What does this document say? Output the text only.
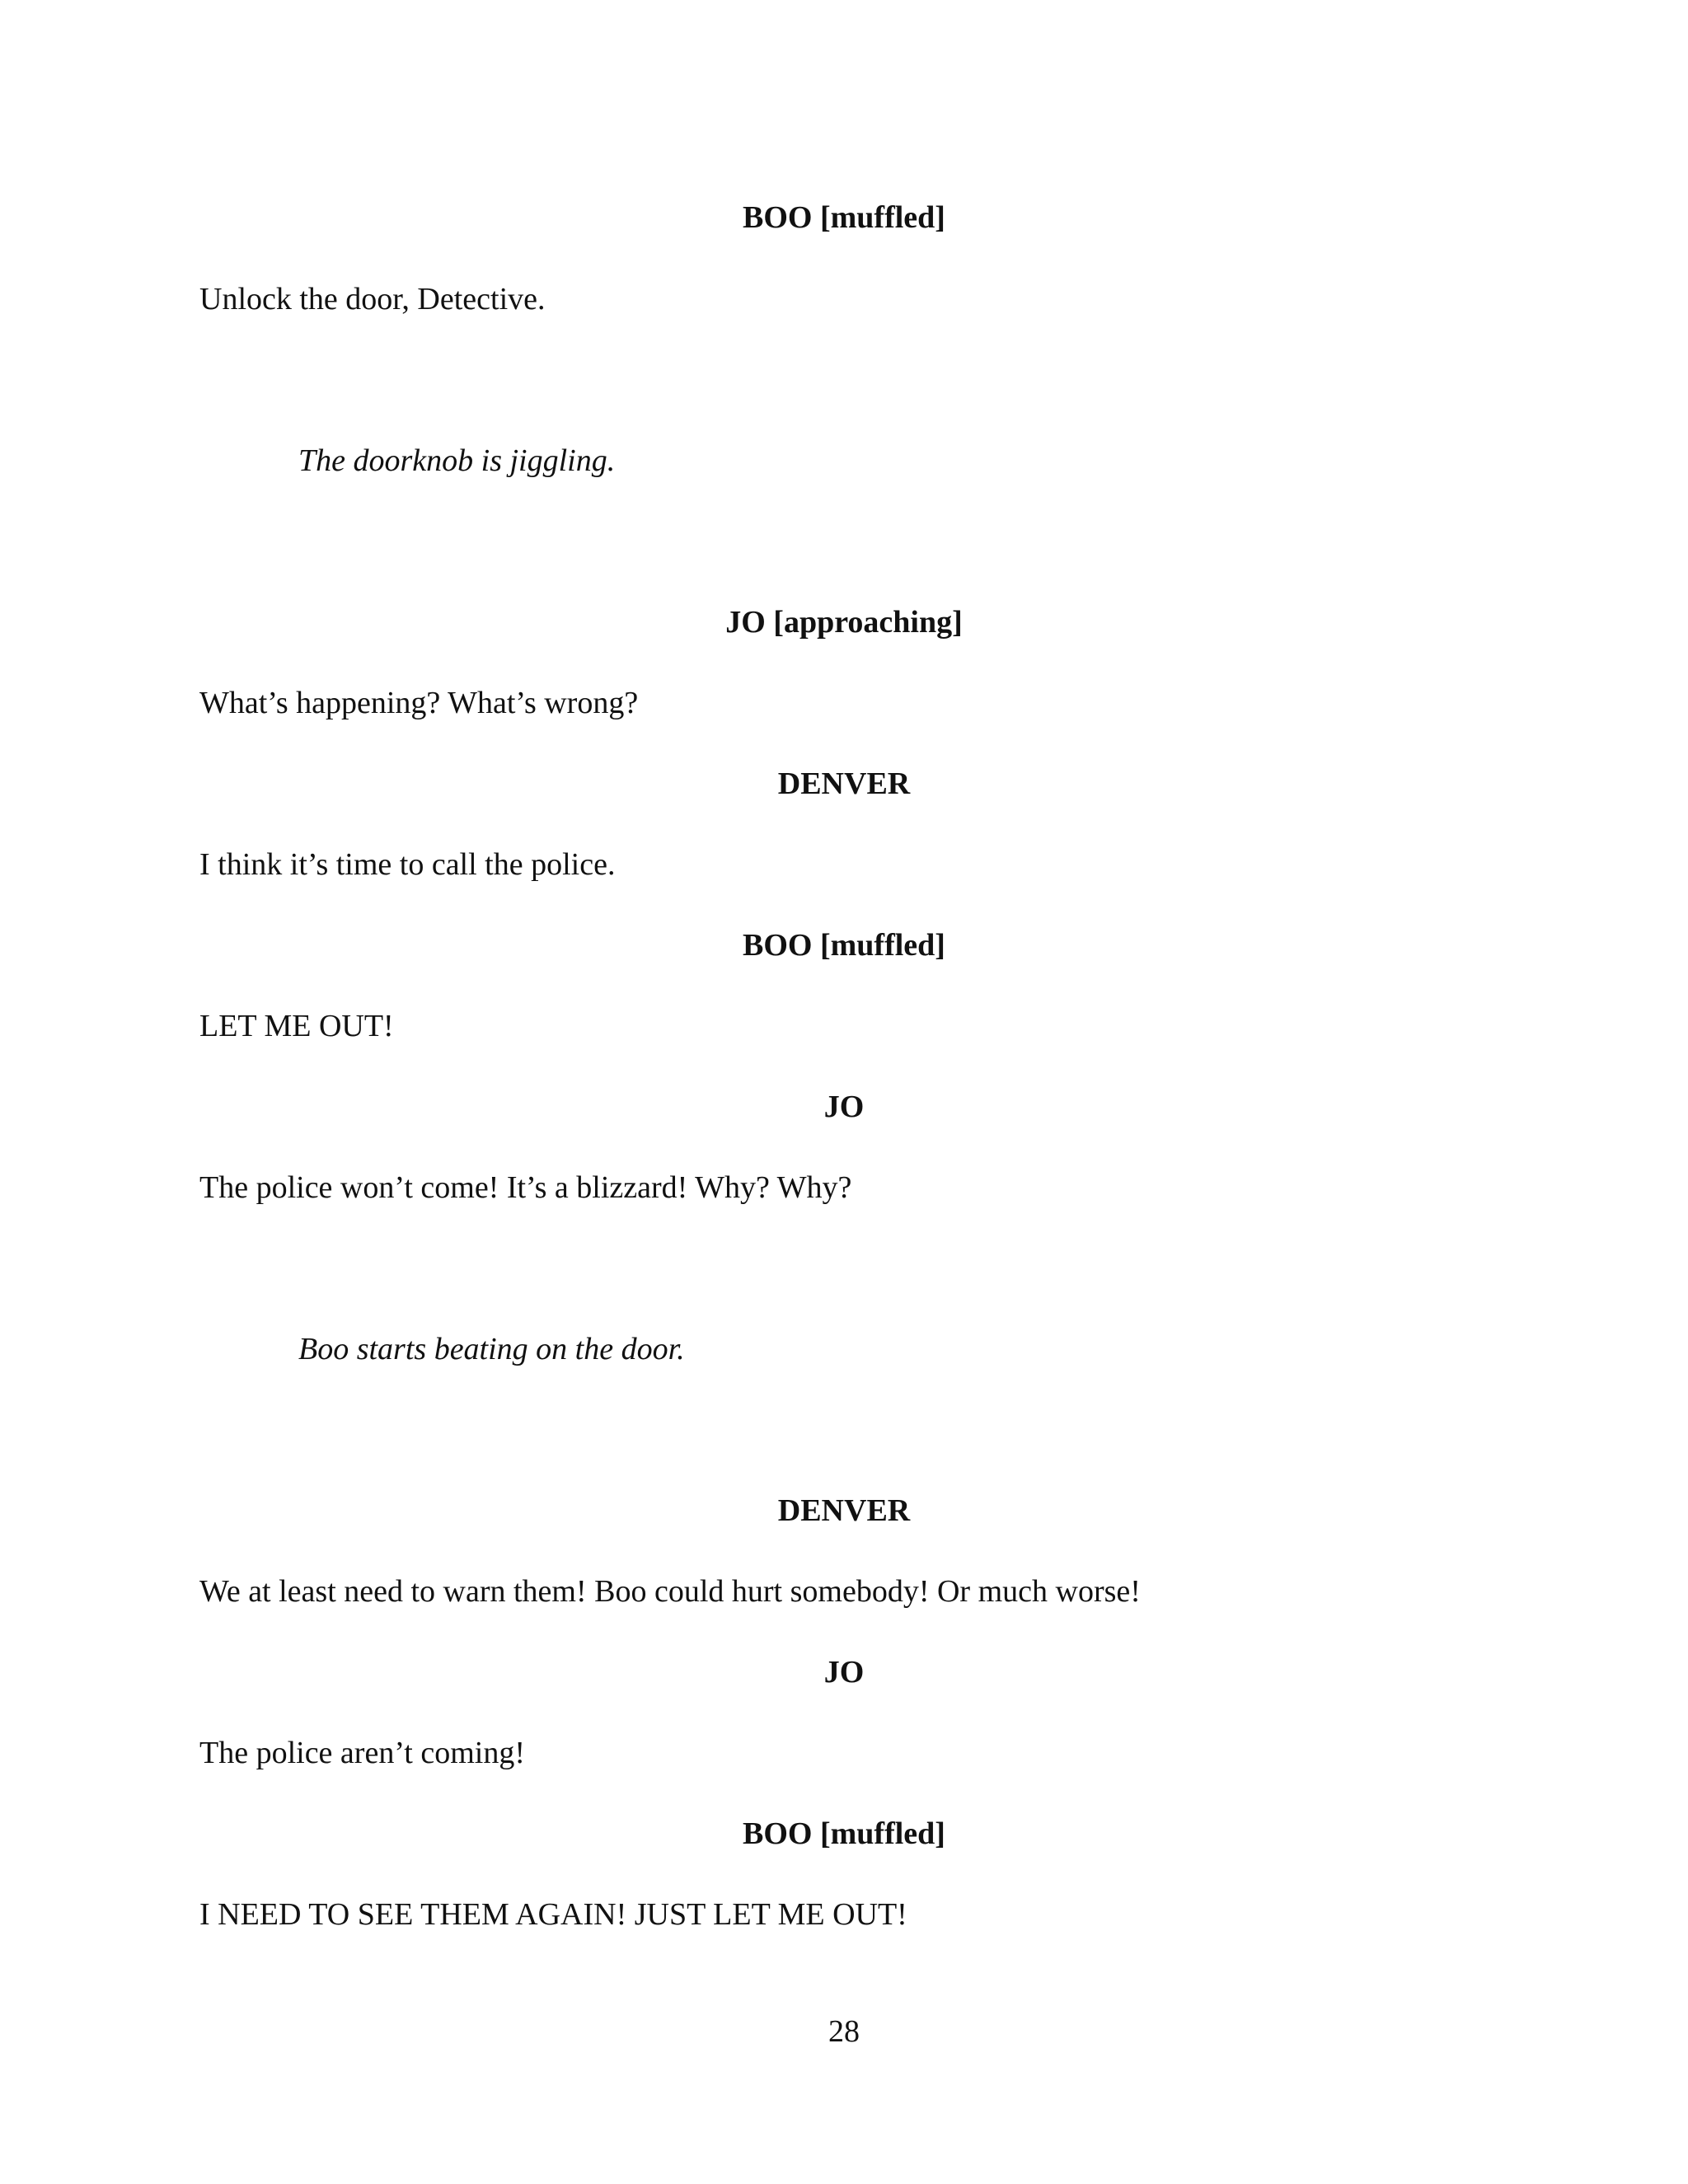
BOO [muffled]

Unlock the door, Detective.

The doorknob is jiggling.

JO [approaching]

What’s happening? What’s wrong?

DENVER

I think it’s time to call the police.

BOO [muffled]

LET ME OUT!

JO

The police won’t come! It’s a blizzard! Why? Why?

Boo starts beating on the door.

DENVER

We at least need to warn them! Boo could hurt somebody! Or much worse!

JO

The police aren’t coming!

BOO [muffled]

I NEED TO SEE THEM AGAIN! JUST LET ME OUT!

28
